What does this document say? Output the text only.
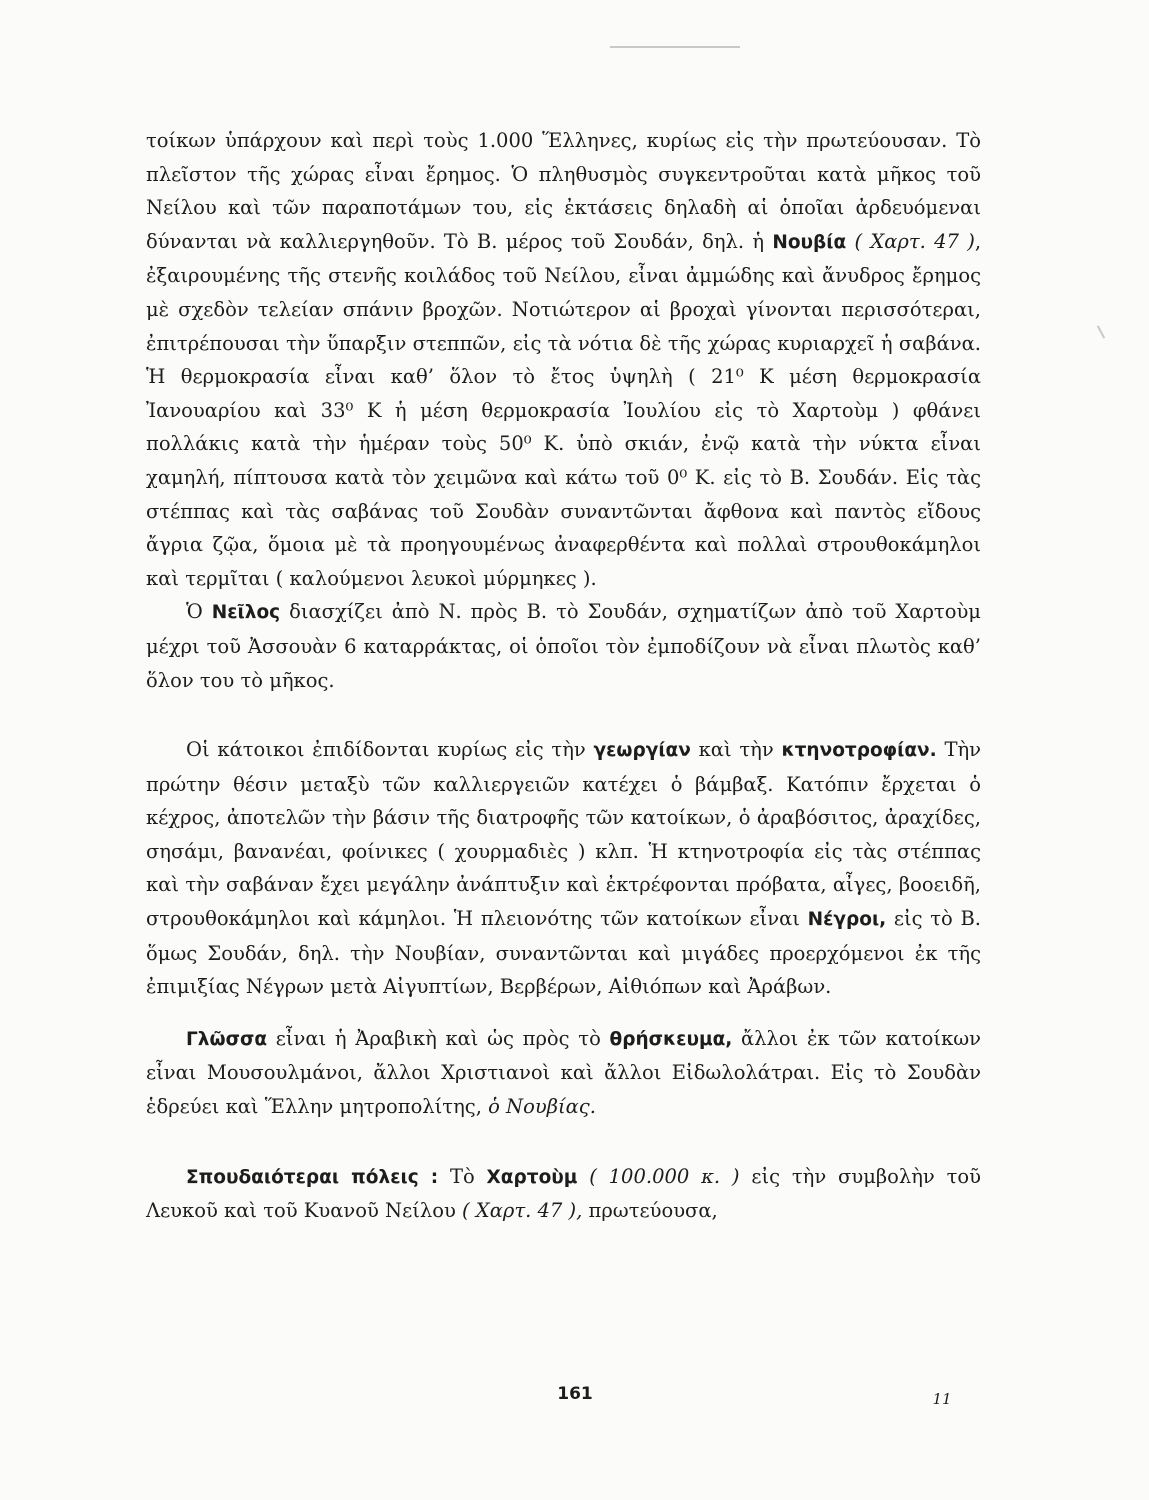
τοίκων ὑπάρχουν καὶ περὶ τοὺς 1.000 Ἕλληνες, κυρίως εἰς τὴν πρωτεύουσαν. Τὸ πλεῖστον τῆς χώρας εἶναι ἔρημος. Ὁ πληθυσμὸς συγκεντροῦται κατὰ μῆκος τοῦ Νείλου καὶ τῶν παραποτάμων του, εἰς ἐκτάσεις δηλαδὴ αἱ ὁποῖαι ἀρδευόμεναι δύνανται νὰ καλλιεργηθοῦν. Τὸ Β. μέρος τοῦ Σουδάν, δηλ. ἡ Νουβία ( Χαρτ. 47 ), ἐξαιρουμένης τῆς στενῆς κοιλάδος τοῦ Νείλου, εἶναι ἀμμώδης καὶ ἄνυδρος ἔρημος μὲ σχεδὸν τελείαν σπάνιν βροχῶν. Νοτιώτερον αἱ βροχαὶ γίνονται περισσότεραι, ἐπιτρέπουσαι τὴν ὕπαρξιν στεππῶν, εἰς τὰ νότια δὲ τῆς χώρας κυριαρχεῖ ἡ σαβάνα. Ἡ θερμοκρασία εἶναι καθ’ ὅλον τὸ ἔτος ὑψηλὴ ( 21⁰ Κ μέση θερμοκρασία Ἰανουαρίου καὶ 33⁰ Κ ἡ μέση θερμοκρασία Ἰουλίου εἰς τὸ Χαρτοὺμ ) φθάνει πολλάκις κατὰ τὴν ἡμέραν τοὺς 50⁰ Κ. ὑπὸ σκιάν, ἐνῷ κατὰ τὴν νύκτα εἶναι χαμηλή, πίπτουσα κατὰ τὸν χειμῶνα καὶ κάτω τοῦ 0⁰ Κ. εἰς τὸ Β. Σουδάν. Εἰς τὰς στέππας καὶ τὰς σαβάνας τοῦ Σουδὰν συναντῶνται ἄφθονα καὶ παντὸς εἴδους ἄγρια ζῷα, ὅμοια μὲ τὰ προηγουμένως ἀναφερθέντα καὶ πολλαὶ στρουθοκάμηλοι καὶ τερμῖται ( καλούμενοι λευκοὶ μύρμηκες ).

Ὁ Νεῖλος διασχίζει ἀπὸ Ν. πρὸς Β. τὸ Σουδάν, σχηματίζων ἀπὸ τοῦ Χαρτοὺμ μέχρι τοῦ Ἀσσουὰν 6 καταρράκτας, οἱ ὁποῖοι τὸν ἐμποδίζουν νὰ εἶναι πλωτὸς καθ’ ὅλον του τὸ μῆκος.

Οἱ κάτοικοι ἐπιδίδονται κυρίως εἰς τὴν γεωργίαν καὶ τὴν κτηνοτροφίαν. Τὴν πρώτην θέσιν μεταξὺ τῶν καλλιεργειῶν κατέχει ὁ βάμβαξ. Κατόπιν ἔρχεται ὁ κέχρος, ἀποτελῶν τὴν βάσιν τῆς διατροφῆς τῶν κατοίκων, ὁ ἀραβόσιτος, ἀραχίδες, σησάμι, βανανέαι, φοίνικες ( χουρμαδιὲς ) κλπ. Ἡ κτηνοτροφία εἰς τὰς στέππας καὶ τὴν σαβάναν ἔχει μεγάλην ἀνάπτυξιν καὶ ἐκτρέφονται πρόβατα, αἶγες, βοοειδῆ, στρουθοκάμηλοι καὶ κάμηλοι. Ἡ πλειονότης τῶν κατοίκων εἶναι Νέγροι, εἰς τὸ Β. ὅμως Σουδάν, δηλ. τὴν Νουβίαν, συναντῶνται καὶ μιγάδες προερχόμενοι ἐκ τῆς ἐπιμιξίας Νέγρων μετὰ Αἰγυπτίων, Βερβέρων, Αἰθιόπων καὶ Ἀράβων.

Γλῶσσα εἶναι ἡ Ἀραβικὴ καὶ ὡς πρὸς τὸ θρήσκευμα, ἄλλοι ἐκ τῶν κατοίκων εἶναι Μουσουλμάνοι, ἄλλοι Χριστιανοὶ καὶ ἄλλοι Εἰδωλολάτραι. Εἰς τὸ Σουδὰν ἑδρεύει καὶ Ἕλλην μητροπολίτης, ὁ Νουβίας.

Σπουδαιότεραι πόλεις : Τὸ Χαρτοὺμ ( 100.000 κ. ) εἰς τὴν συμβολὴν τοῦ Λευκοῦ καὶ τοῦ Κυανοῦ Νείλου ( Χαρτ. 47 ), πρωτεύουσα,

161	11
